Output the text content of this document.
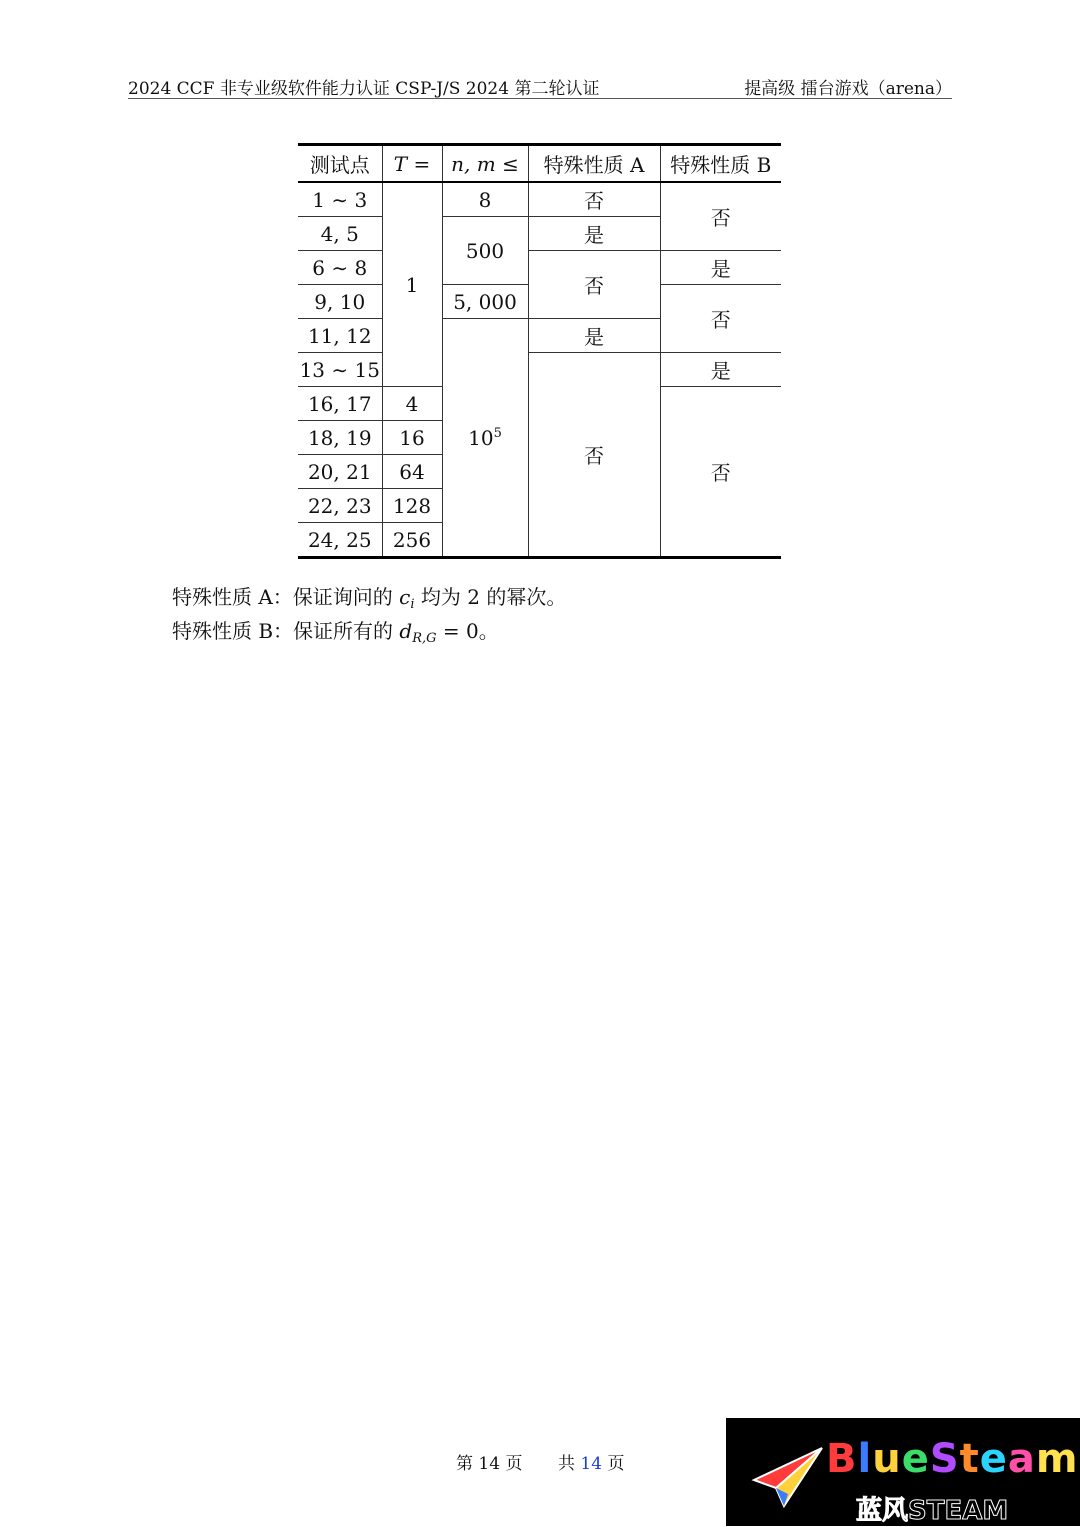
2024 CCF 非专业级软件能力认证 CSP-J/S 2024 第二轮认证	提高级 擂台游戏（arena）
测试点	T =	n, m ≤	特殊性质 A	特殊性质 B
1 ∼ 3	1	8	否	否
4, 5		500	是	
6 ∼ 8			否	是
9, 10		5, 000		否
11, 12		$10^5$	是	
13 ∼ 15			否	是
16, 17	4			否
18, 19	16			
20, 21	64			
22, 23	128			
24, 25	256			

特殊性质 A：保证询问的 $c_i$ 均为 2 的幂次。

特殊性质 B：保证所有的 $d_{R,G} = 0$。

第 14 页 共 14 页	BlueSteam
蓝风STEAM
